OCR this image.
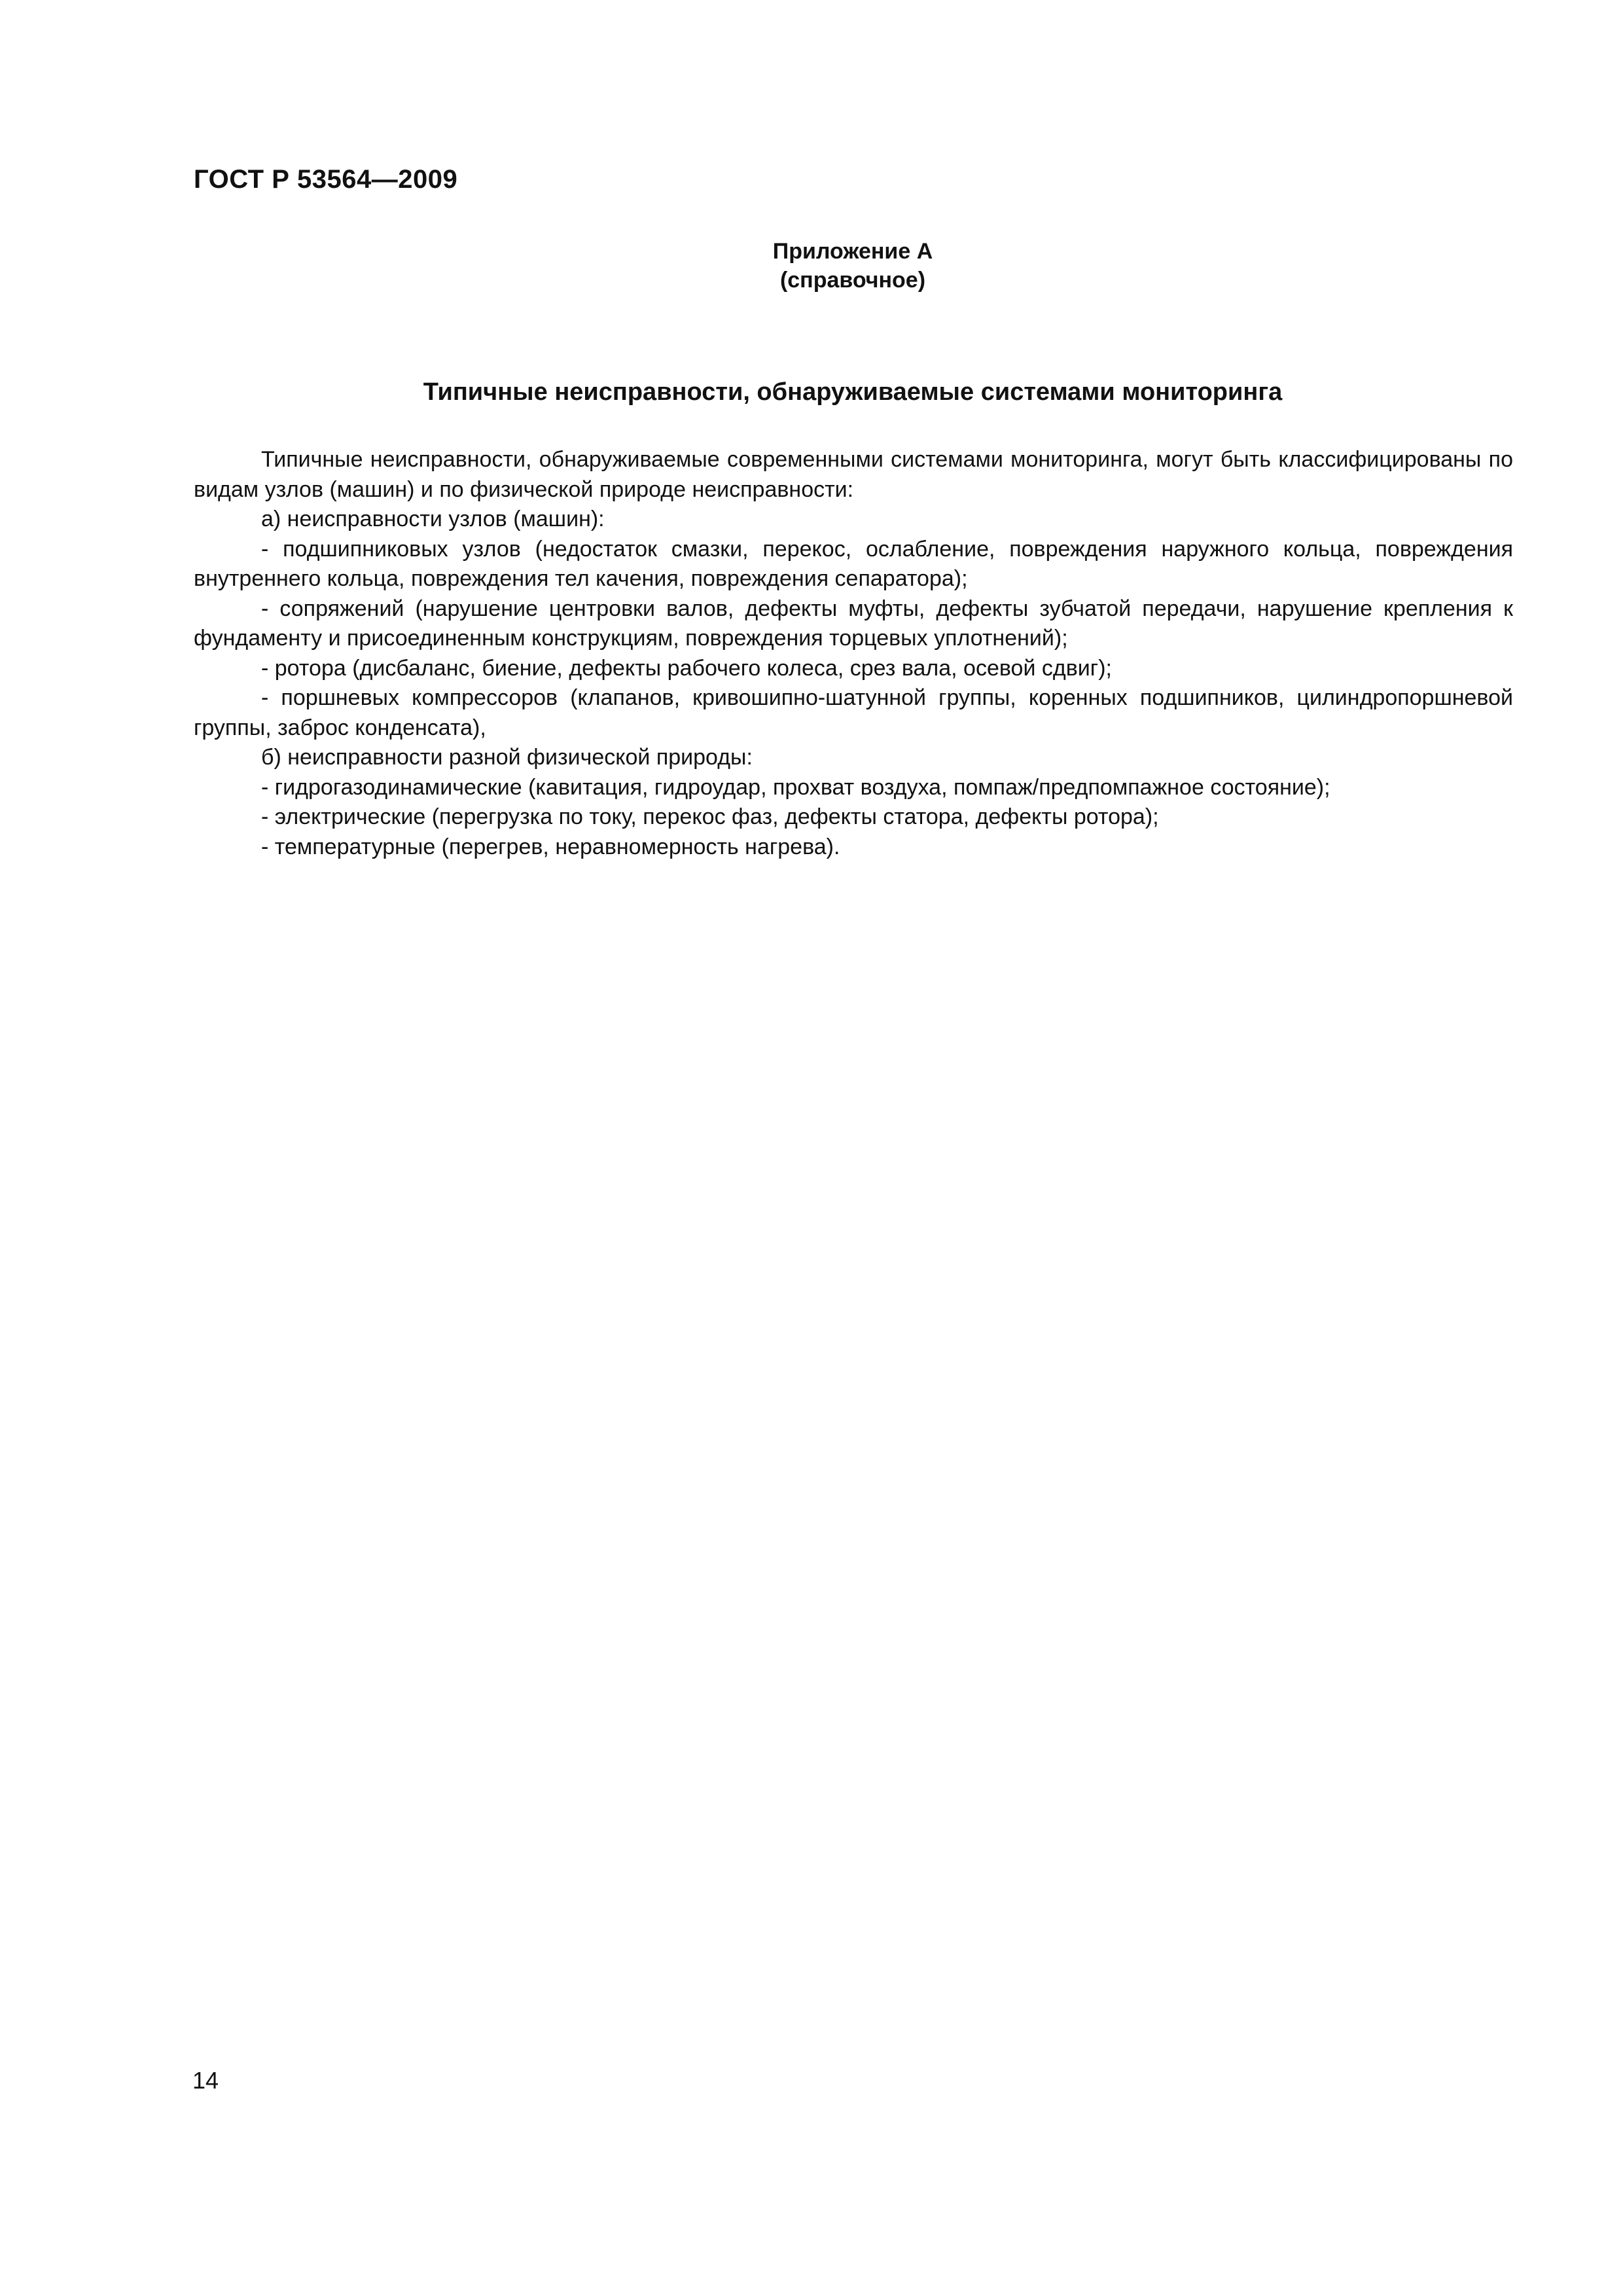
ГОСТ Р 53564—2009
Приложение А
(справочное)
Типичные неисправности, обнаруживаемые системами мониторинга

Типичные неисправности, обнаруживаемые современными системами мониторинга, могут быть классифицированы по видам узлов (машин) и по физической природе неисправности:

а) неисправности узлов (машин):

- подшипниковых узлов (недостаток смазки, перекос, ослабление, повреждения наружного кольца, повреждения внутреннего кольца, повреждения тел качения, повреждения сепаратора);

- сопряжений (нарушение центровки валов, дефекты муфты, дефекты зубчатой передачи, нарушение крепления к фундаменту и присоединенным конструкциям, повреждения торцевых уплотнений);

- ротора (дисбаланс, биение, дефекты рабочего колеса, срез вала, осевой сдвиг);

- поршневых компрессоров (клапанов, кривошипно-шатунной группы, коренных подшипников, цилиндропоршневой группы, заброс конденсата),

б) неисправности разной физической природы:

- гидрогазодинамические (кавитация, гидроудар, прохват воздуха, помпаж/предпомпажное состояние);

- электрические (перегрузка по току, перекос фаз, дефекты статора, дефекты ротора);

- температурные (перегрев, неравномерность нагрева).

14
